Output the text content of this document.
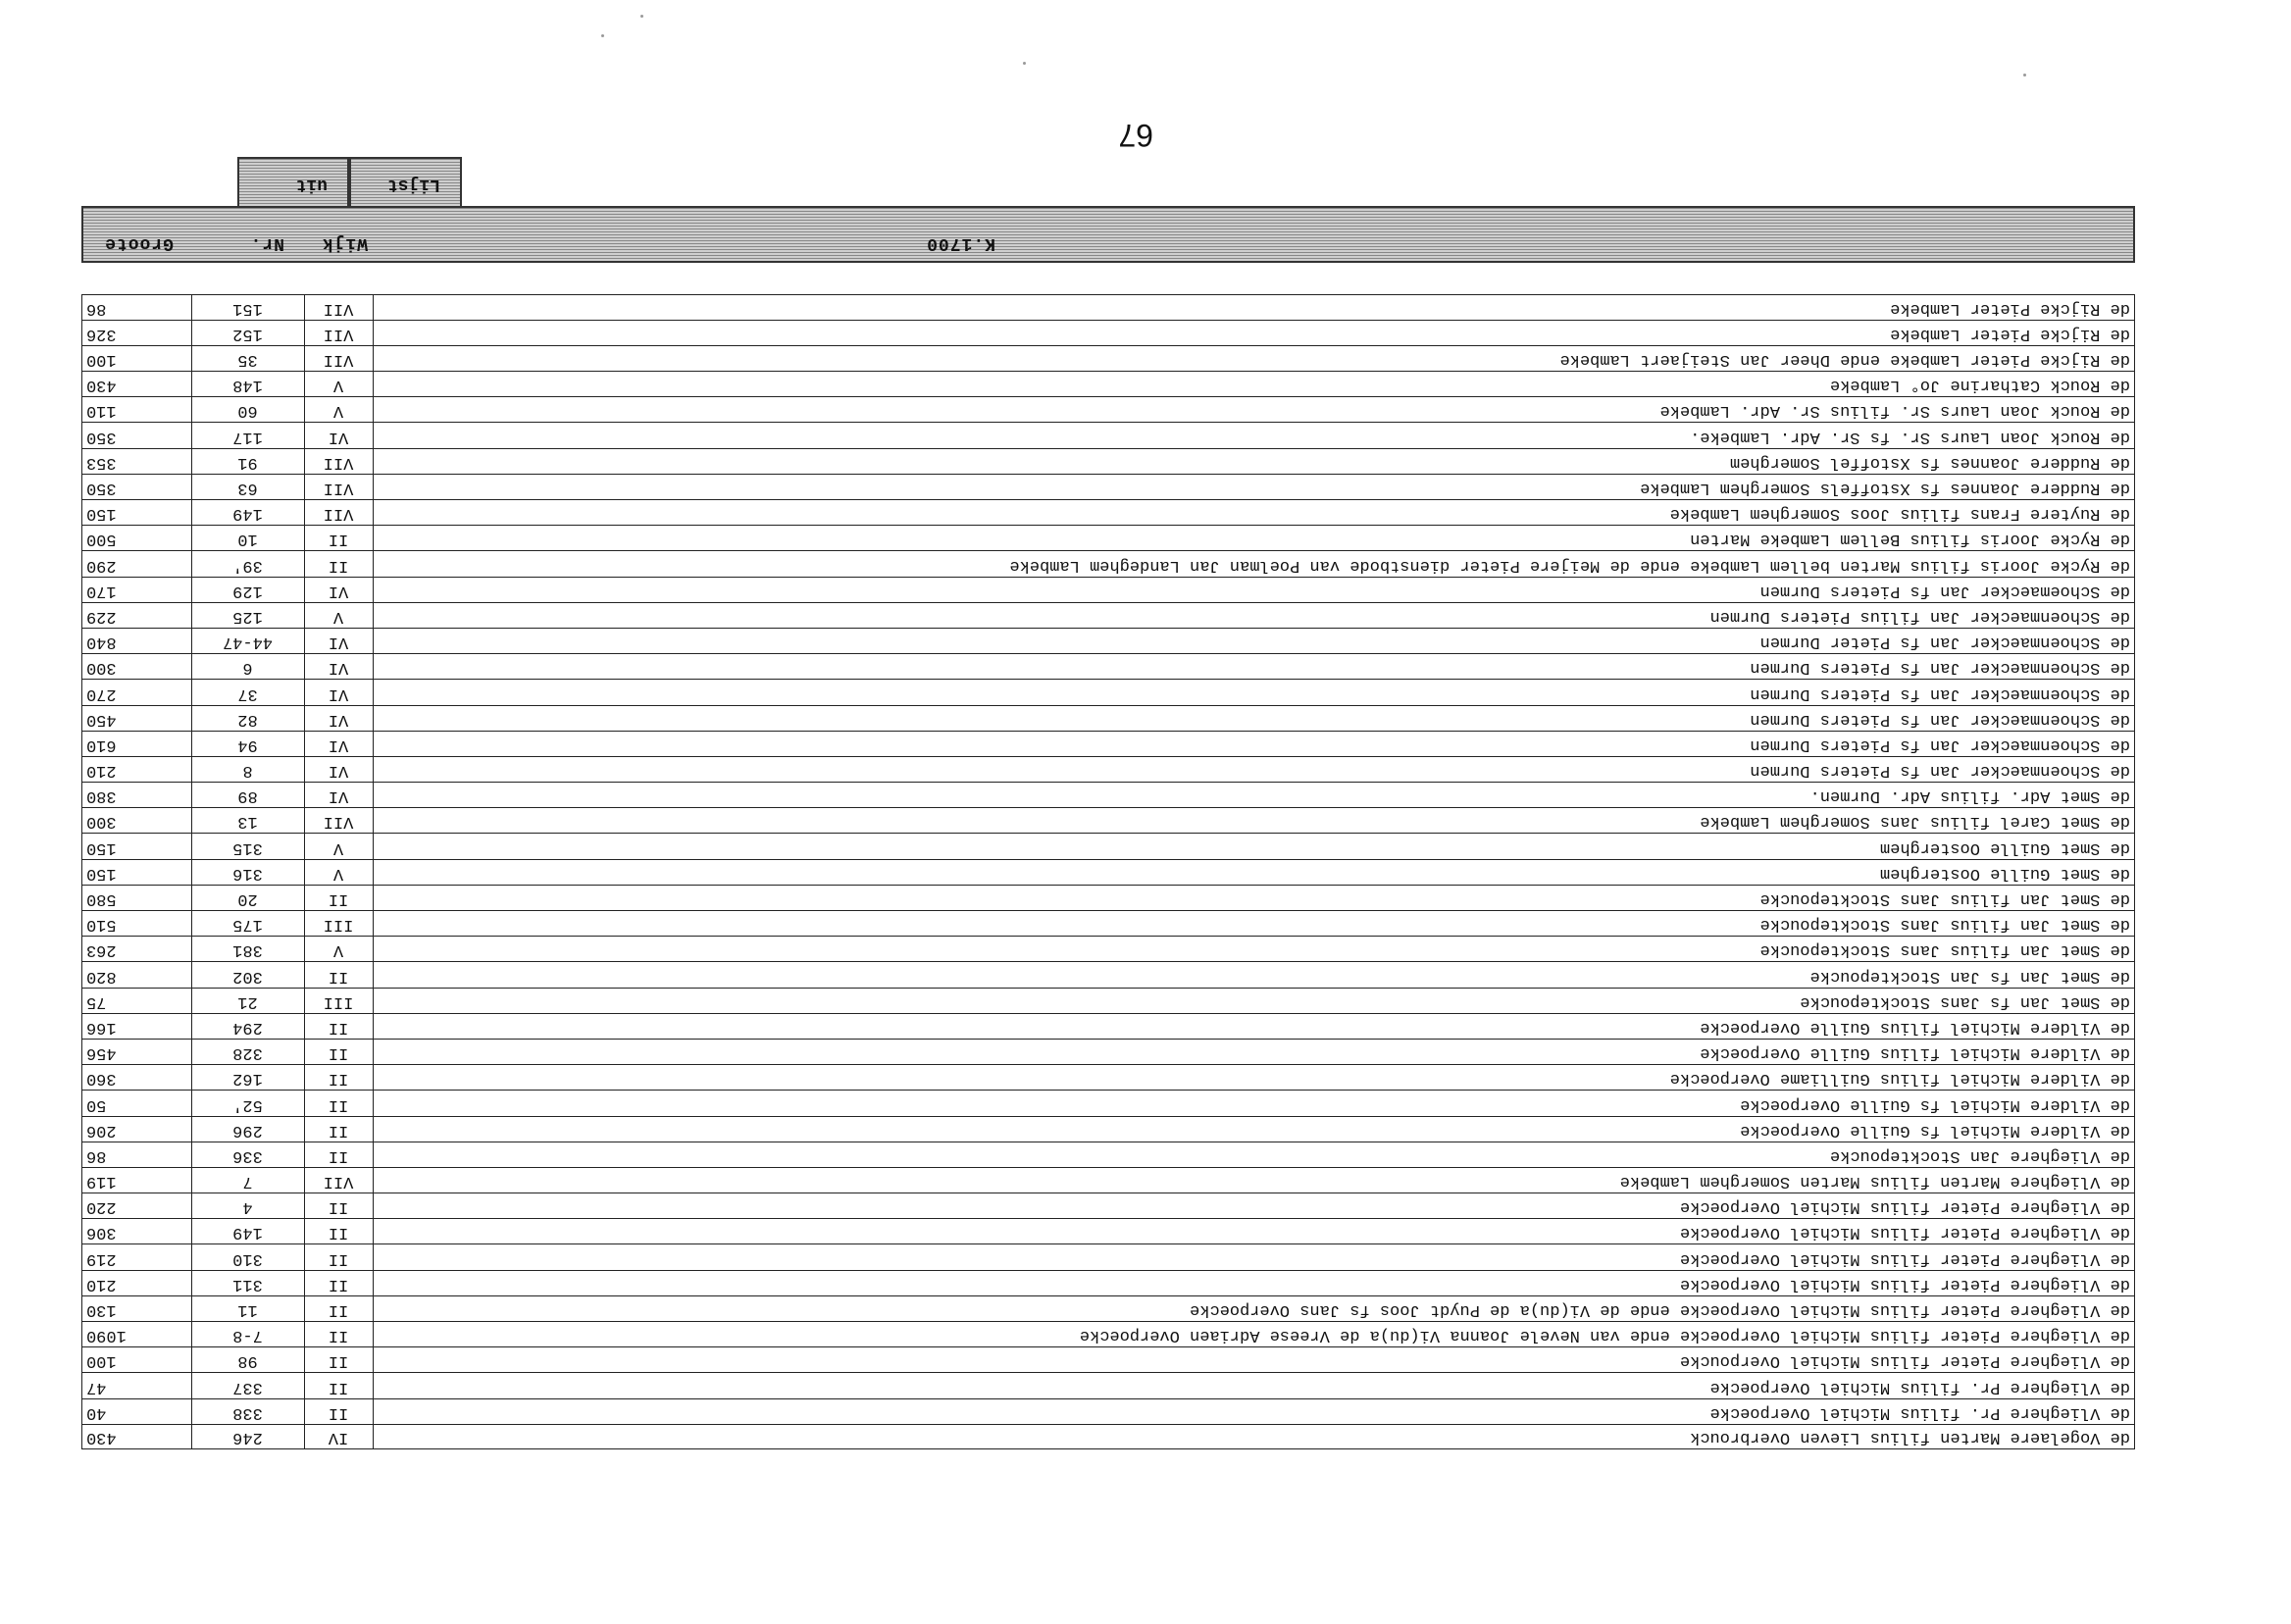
K.1700
Wijk
Nr.
Groote
uit	Lijst
de Vogelaere Marten filius Lieven Overbrouck
IV
246
430
de Vlieghere Pr. filius Michiel Overpoecke
II
338
40
de Vlieghere Pr. filius Michiel Overpoecke
II
337
47
de Vlieghere Pieter filius Michiel Overpoucke
II
98
100
de Vlieghere Pieter filius Michiel Overpoecke ende van Nevele Joanna Vi(du)a de Vreese Adriaen Overpoecke
II
7-8
1090
de Vlieghere Pieter filius Michiel Overpoecke ende de Vi(du)a de Puydt Joos fs Jans Overpoecke
II
11
130
de Vlieghere Pieter filius Michiel Overpoecke
II
311
210
de Vlieghere Pieter filius Michiel Overpoecke
II
310
219
de Vlieghere Pieter filius Michiel Overpoecke
II
149
306
de Vlieghere Pieter filius Michiel Overpoecke
II
4
220
de Vlieghere Marten filius Marten Somerghem Lambeke
VII
7
119
de Vlieghere Jan Stocktepoucke
II
336
86
de Vildere Michiel fs Guille Overpoecke
II
296
206
de Vildere Michiel fs Guille Overpoecke
II
52'
50
de Vildere Michiel filius Guilliame Overpoecke
II
162
360
de Vildere Michiel filius Guille Overpoecke
II
328
456
de Vildere Michiel filius Guille Overpoecke
II
294
166
de Smet Jan fs Jans Stocktepoucke
III
21
75
de Smet Jan fs Jan Stocktepoucke
II
302
820
de Smet Jan filius Jans Stocktepoucke
V
381
263
de Smet Jan filius Jans Stocktepoucke
III
175
510
de Smet Jan filius Jans Stocktepoucke
II
20
580
de Smet Guille Oosterghem
V
316
150
de Smet Guille Oosterghem
V
315
150
de Smet Carel filius Jans Somerghem Lambeke
VII
13
300
de Smet Adr. filius Adr. Durmen.
VI
89
380
de Schoenmaecker Jan fs Pieters Durmen
VI
8
210
de Schoenmaecker Jan fs Pieters Durmen
VI
94
610
de Schoenmaecker Jan fs Pieters Durmen
VI
82
450
de Schoenmaecker Jan fs Pieters Durmen
VI
37
270
de Schoenmaecker Jan fs Pieters Durmen
VI
6
300
de Schoenmaecker Jan fs Pieter Durmen
VI
44-47
840
de Schoenmaecker Jan filius Pieters Durmen
V
125
229
de Schoemaecker Jan fs Pieters Durmen
VI
129
170
de Rycke Jooris filius Marten bellem Lambeke ende de Meijere Pieter dienstbode van Poelman Jan Landeghem Lambeke
II
39'
290
de Rycke Jooris filius Bellem Lambeke Marten
II
10
500
de Ruytere Frans filius Joos Somerghem Lambeke
VII
149
150
de Ruddere Joannes fs Xstoffels Somerghem Lambeke
VII
63
350
de Ruddere Joannes fs Xstoffel Somerghem
VII
91
353
de Rouck Joan Laurs Sr. fs Sr. Adr. Lambeke.
VI
117
350
de Rouck Joan Laurs Sr. filius Sr. Adr. Lambeke
V
60
110
de Rouck Catharine Jo° Lambeke
V
148
430
de Rijcke Pieter Lambeke ende Dheer Jan Steijaert Lambeke
VII
35
100
de Rijcke Pieter Lambeke
VII
152
326
de Rijcke Pieter Lambeke
VII
151
86
67
